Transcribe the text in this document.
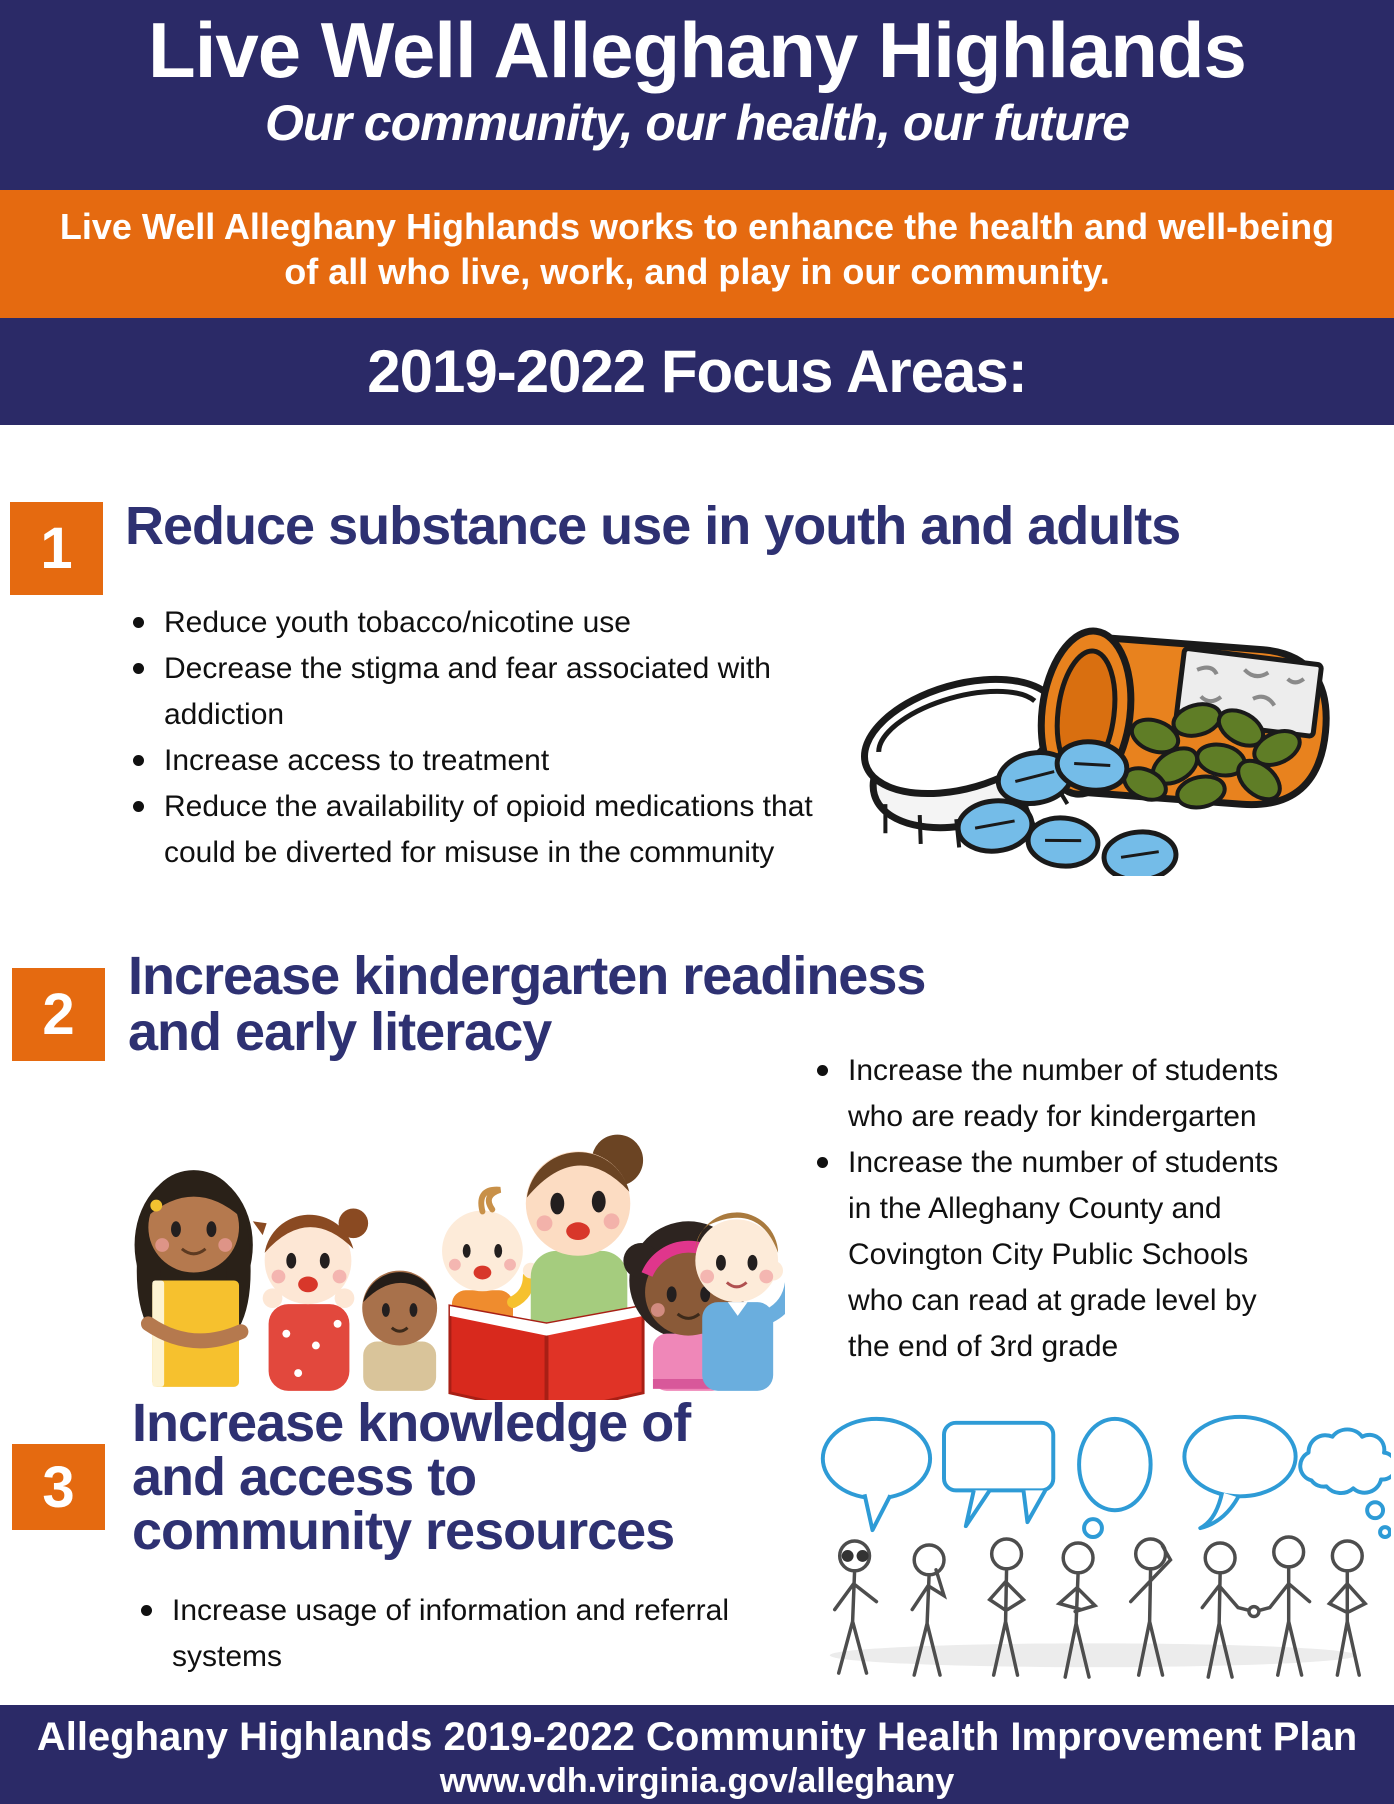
Live Well Alleghany Highlands
Our community, our health, our future
Live Well Alleghany Highlands works to enhance the health and well-being
of all who live, work, and play in our community.
2019-2022 Focus Areas:
1 Reduce substance use in youth and adults
Reduce youth tobacco/nicotine use
Decrease the stigma and fear associated with addiction
Increase access to treatment
Reduce the availability of opioid medications that could be diverted for misuse in the community
2
Increase kindergarten readiness
and early literacy
Increase the number of students who are ready for kindergarten
Increase the number of students in the Alleghany County and Covington City Public Schools who can read at grade level by the end of 3rd grade
3
Increase knowledge of
and access to
community resources
Increase usage of information and referral systems
Alleghany Highlands 2019-2022 Community Health Improvement Plan
www.vdh.virginia.gov/alleghany
